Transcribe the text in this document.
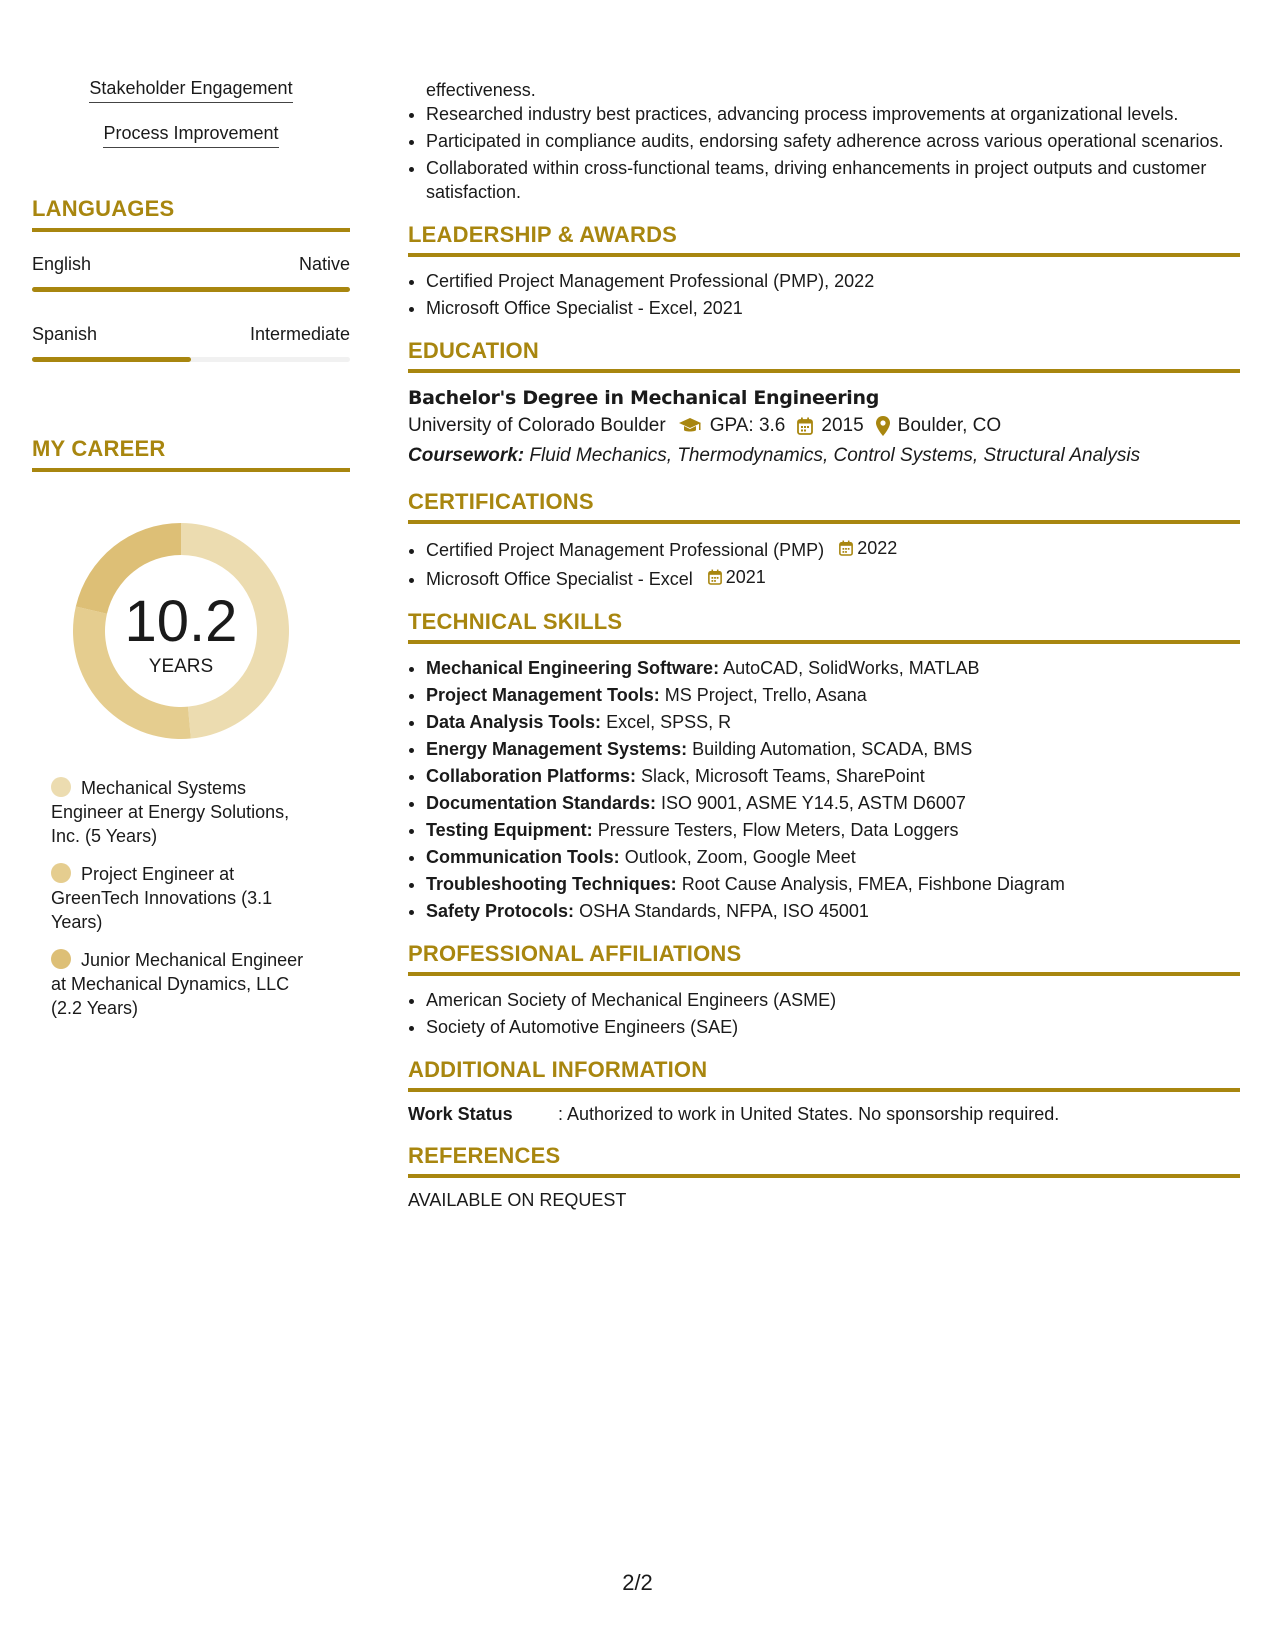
Stakeholder Engagement
Process Improvement
LANGUAGES
English	Native
Spanish	Intermediate
MY CAREER
10.2
YEARS
Mechanical Systems Engineer at Energy Solutions, Inc. (5 Years)
Project Engineer at GreenTech Innovations (3.1 Years)
Junior Mechanical Engineer at Mechanical Dynamics, LLC (2.2 Years)
effectiveness.
• Researched industry best practices, advancing process improvements at organizational levels.
• Participated in compliance audits, endorsing safety adherence across various operational scenarios.
• Collaborated within cross-functional teams, driving enhancements in project outputs and customer satisfaction.
LEADERSHIP & AWARDS
• Certified Project Management Professional (PMP), 2022
• Microsoft Office Specialist - Excel, 2021
EDUCATION
Bachelor's Degree in Mechanical Engineering
University of Colorado Boulder GPA: 3.6 2015 Boulder, CO
Coursework: Fluid Mechanics, Thermodynamics, Control Systems, Structural Analysis
CERTIFICATIONS
• Certified Project Management Professional (PMP) 2022
• Microsoft Office Specialist - Excel 2021
TECHNICAL SKILLS
• Mechanical Engineering Software: AutoCAD, SolidWorks, MATLAB
• Project Management Tools: MS Project, Trello, Asana
• Data Analysis Tools: Excel, SPSS, R
• Energy Management Systems: Building Automation, SCADA, BMS
• Collaboration Platforms: Slack, Microsoft Teams, SharePoint
• Documentation Standards: ISO 9001, ASME Y14.5, ASTM D6007
• Testing Equipment: Pressure Testers, Flow Meters, Data Loggers
• Communication Tools: Outlook, Zoom, Google Meet
• Troubleshooting Techniques: Root Cause Analysis, FMEA, Fishbone Diagram
• Safety Protocols: OSHA Standards, NFPA, ISO 45001
PROFESSIONAL AFFILIATIONS
• American Society of Mechanical Engineers (ASME)
• Society of Automotive Engineers (SAE)
ADDITIONAL INFORMATION
Work Status	: Authorized to work in United States. No sponsorship required.
REFERENCES
AVAILABLE ON REQUEST
2/2
